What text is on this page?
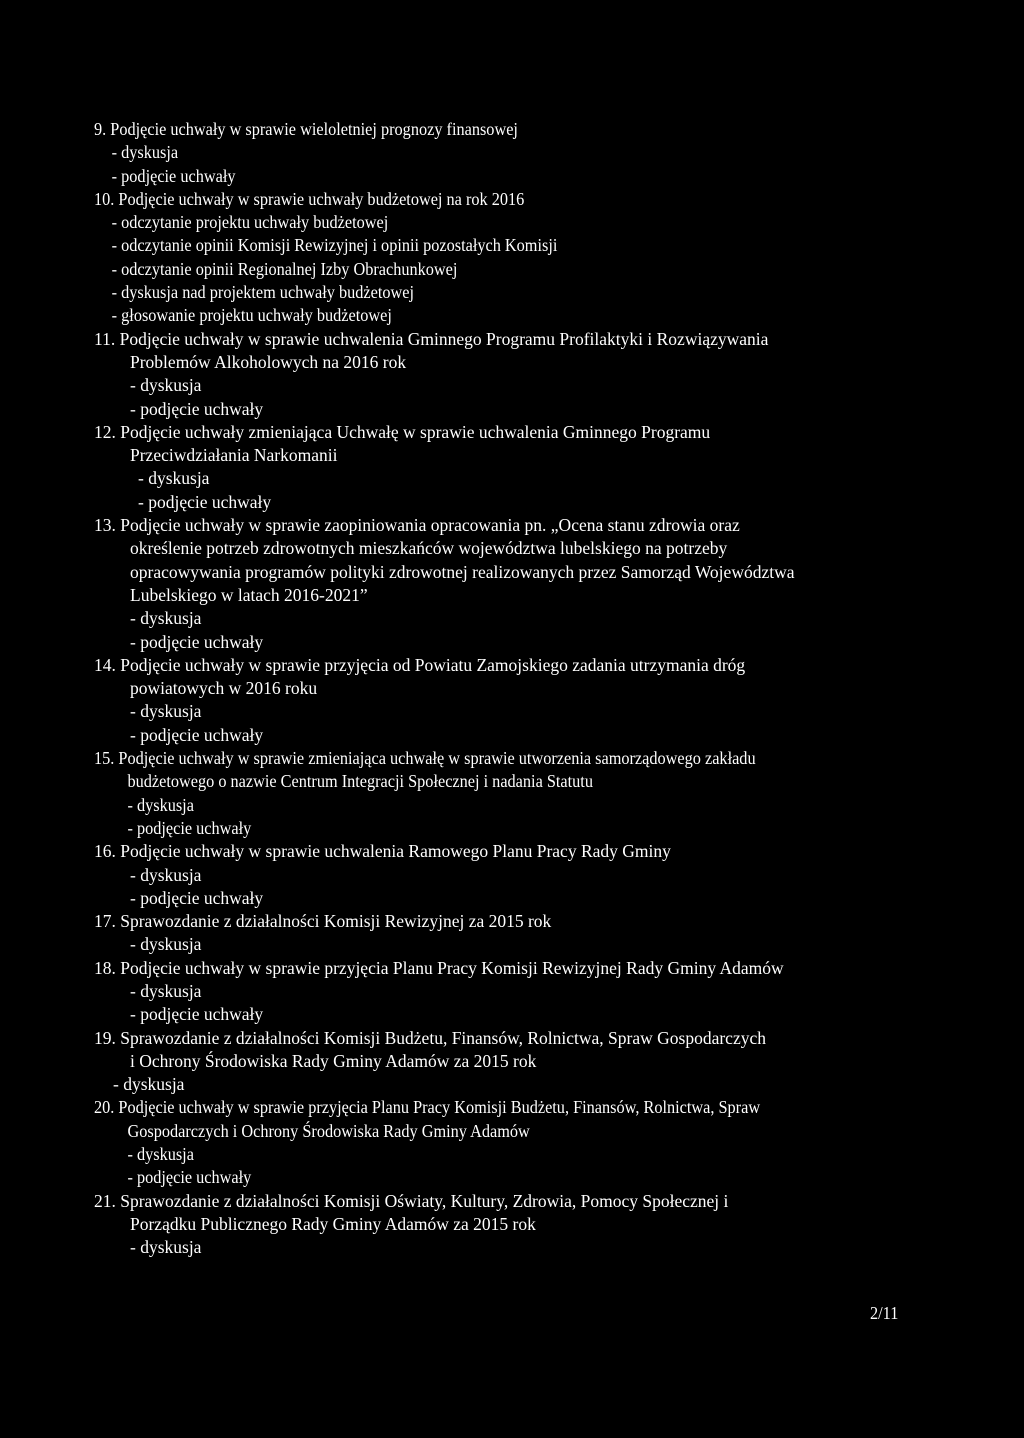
9. Podjęcie uchwały w sprawie wieloletniej prognozy finansowej
- dyskusja
- podjęcie uchwały
10. Podjęcie uchwały w sprawie uchwały budżetowej na rok 2016
- odczytanie projektu uchwały budżetowej
- odczytanie opinii Komisji Rewizyjnej i opinii pozostałych Komisji
- odczytanie opinii Regionalnej Izby Obrachunkowej
- dyskusja nad projektem uchwały budżetowej
- głosowanie projektu uchwały budżetowej
11. Podjęcie uchwały w sprawie uchwalenia Gminnego Programu Profilaktyki i Rozwiązywania
Problemów Alkoholowych na 2016 rok
- dyskusja
- podjęcie uchwały
12. Podjęcie uchwały zmieniająca Uchwałę w sprawie uchwalenia Gminnego Programu
Przeciwdziałania Narkomanii
- dyskusja
- podjęcie uchwały
13. Podjęcie uchwały w sprawie zaopiniowania opracowania pn. „Ocena stanu zdrowia oraz
określenie potrzeb zdrowotnych mieszkańców województwa lubelskiego na potrzeby
opracowywania programów polityki zdrowotnej realizowanych przez Samorząd Województwa
Lubelskiego w latach 2016-2021”
- dyskusja
- podjęcie uchwały
14. Podjęcie uchwały w sprawie przyjęcia od Powiatu Zamojskiego zadania utrzymania dróg
powiatowych w 2016 roku
- dyskusja
- podjęcie uchwały
15. Podjęcie uchwały w sprawie zmieniająca uchwałę w sprawie utworzenia samorządowego zakładu
budżetowego o nazwie Centrum Integracji Społecznej i nadania Statutu
- dyskusja
- podjęcie uchwały
16. Podjęcie uchwały w sprawie uchwalenia Ramowego Planu Pracy Rady Gminy
- dyskusja
- podjęcie uchwały
17. Sprawozdanie z działalności Komisji Rewizyjnej za 2015 rok
- dyskusja
18. Podjęcie uchwały w sprawie przyjęcia Planu Pracy Komisji Rewizyjnej Rady Gminy Adamów
- dyskusja
- podjęcie uchwały
19. Sprawozdanie z działalności Komisji Budżetu, Finansów, Rolnictwa, Spraw Gospodarczych
i Ochrony Środowiska Rady Gminy Adamów za 2015 rok
- dyskusja
20. Podjęcie uchwały w sprawie przyjęcia Planu Pracy Komisji Budżetu, Finansów, Rolnictwa, Spraw
Gospodarczych i Ochrony Środowiska Rady Gminy Adamów
- dyskusja
- podjęcie uchwały
21. Sprawozdanie z działalności Komisji Oświaty, Kultury, Zdrowia, Pomocy Społecznej i
Porządku Publicznego Rady Gminy Adamów za 2015 rok
- dyskusja
2/11
